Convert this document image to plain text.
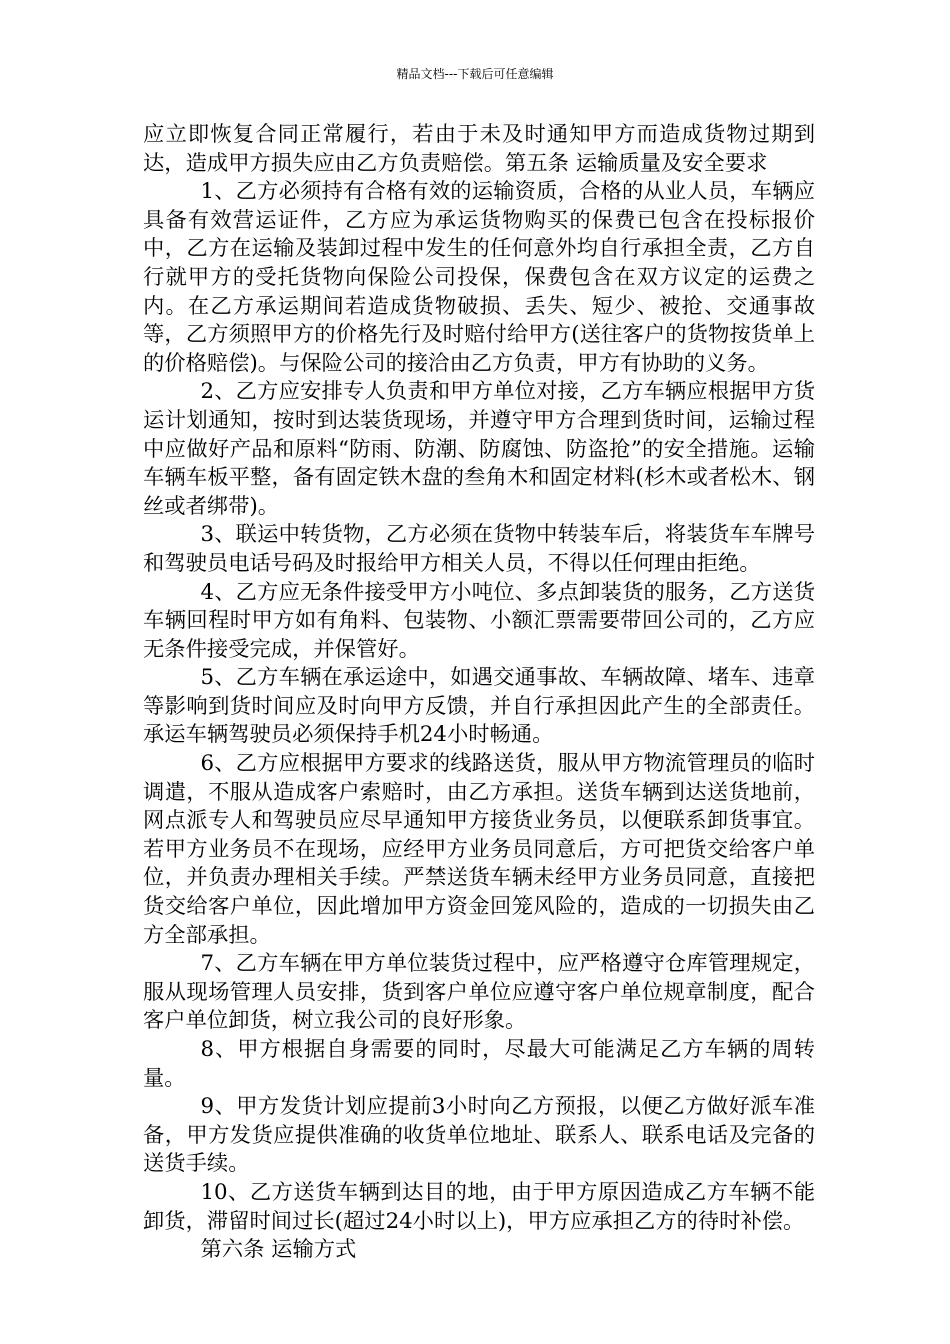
精品文档---下载后可任意编辑

应立即恢复合同正常履行，若由于未及时通知甲方而造成货物过期到达，造成甲方损失应由乙方负责赔偿。第五条 运输质量及安全要求

1、乙方必须持有合格有效的运输资质，合格的从业人员，车辆应具备有效营运证件，乙方应为承运货物购买的保费已包含在投标报价中，乙方在运输及装卸过程中发生的任何意外均自行承担全责，乙方自行就甲方的受托货物向保险公司投保，保费包含在双方议定的运费之内。在乙方承运期间若造成货物破损、丢失、短少、被抢、交通事故等，乙方须照甲方的价格先行及时赔付给甲方(送往客户的货物按货单上的价格赔偿)。与保险公司的接洽由乙方负责，甲方有协助的义务。

2、乙方应安排专人负责和甲方单位对接，乙方车辆应根据甲方货运计划通知，按时到达装货现场，并遵守甲方合理到货时间，运输过程中应做好产品和原料“防雨、防潮、防腐蚀、防盗抢”的安全措施。运输车辆车板平整，备有固定铁木盘的叁角木和固定材料(杉木或者松木、钢丝或者绑带)。

3、联运中转货物，乙方必须在货物中转装车后，将装货车车牌号和驾驶员电话号码及时报给甲方相关人员，不得以任何理由拒绝。

4、乙方应无条件接受甲方小吨位、多点卸装货的服务，乙方送货车辆回程时甲方如有角料、包装物、小额汇票需要带回公司的，乙方应无条件接受完成，并保管好。

5、乙方车辆在承运途中，如遇交通事故、车辆故障、堵车、违章等影响到货时间应及时向甲方反馈，并自行承担因此产生的全部责任。承运车辆驾驶员必须保持手机24小时畅通。

6、乙方应根据甲方要求的线路送货，服从甲方物流管理员的临时调遣，不服从造成客户索赔时，由乙方承担。送货车辆到达送货地前，网点派专人和驾驶员应尽早通知甲方接货业务员，以便联系卸货事宜。若甲方业务员不在现场，应经甲方业务员同意后，方可把货交给客户单位，并负责办理相关手续。严禁送货车辆未经甲方业务员同意，直接把货交给客户单位，因此增加甲方资金回笼风险的，造成的一切损失由乙方全部承担。

7、乙方车辆在甲方单位装货过程中，应严格遵守仓库管理规定，服从现场管理人员安排，货到客户单位应遵守客户单位规章制度，配合客户单位卸货，树立我公司的良好形象。

8、甲方根据自身需要的同时，尽最大可能满足乙方车辆的周转量。

9、甲方发货计划应提前3小时向乙方预报，以便乙方做好派车准备，甲方发货应提供准确的收货单位地址、联系人、联系电话及完备的送货手续。

10、乙方送货车辆到达目的地，由于甲方原因造成乙方车辆不能卸货，滞留时间过长(超过24小时以上)，甲方应承担乙方的待时补偿。

第六条 运输方式
